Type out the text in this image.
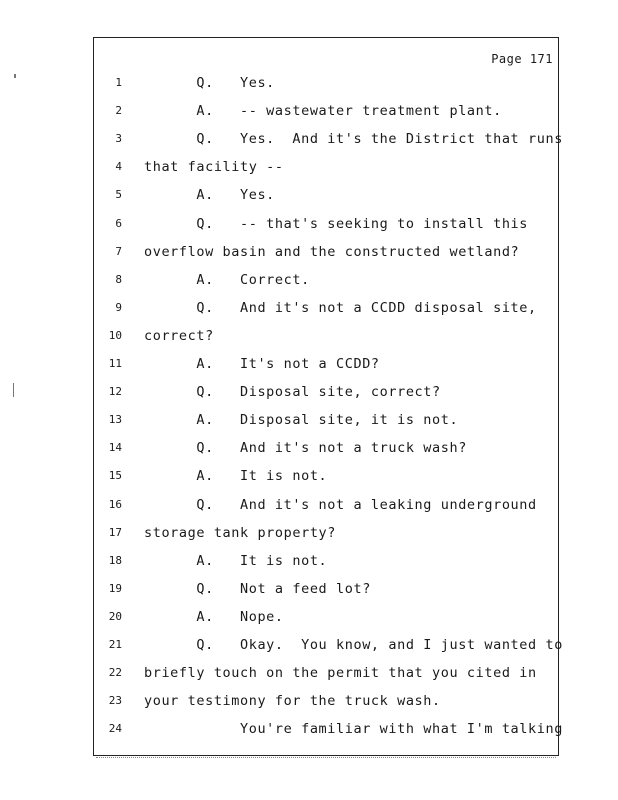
Page 171
1 Q.   Yes.
2 A.   -- wastewater treatment plant.
3 Q.   Yes.  And it's the District that runs
4 that facility --
5 A.   Yes.
6 Q.   -- that's seeking to install this
7 overflow basin and the constructed wetland?
8 A.   Correct.
9 Q.   And it's not a CCDD disposal site,
10 correct?
11 A.   It's not a CCDD?
12 Q.   Disposal site, correct?
13 A.   Disposal site, it is not.
14 Q.   And it's not a truck wash?
15 A.   It is not.
16 Q.   And it's not a leaking underground
17 storage tank property?
18 A.   It is not.
19 Q.   Not a feed lot?
20 A.   Nope.
21 Q.   Okay.  You know, and I just wanted to
22 briefly touch on the permit that you cited in
23 your testimony for the truck wash.
24 You're familiar with what I'm talking
